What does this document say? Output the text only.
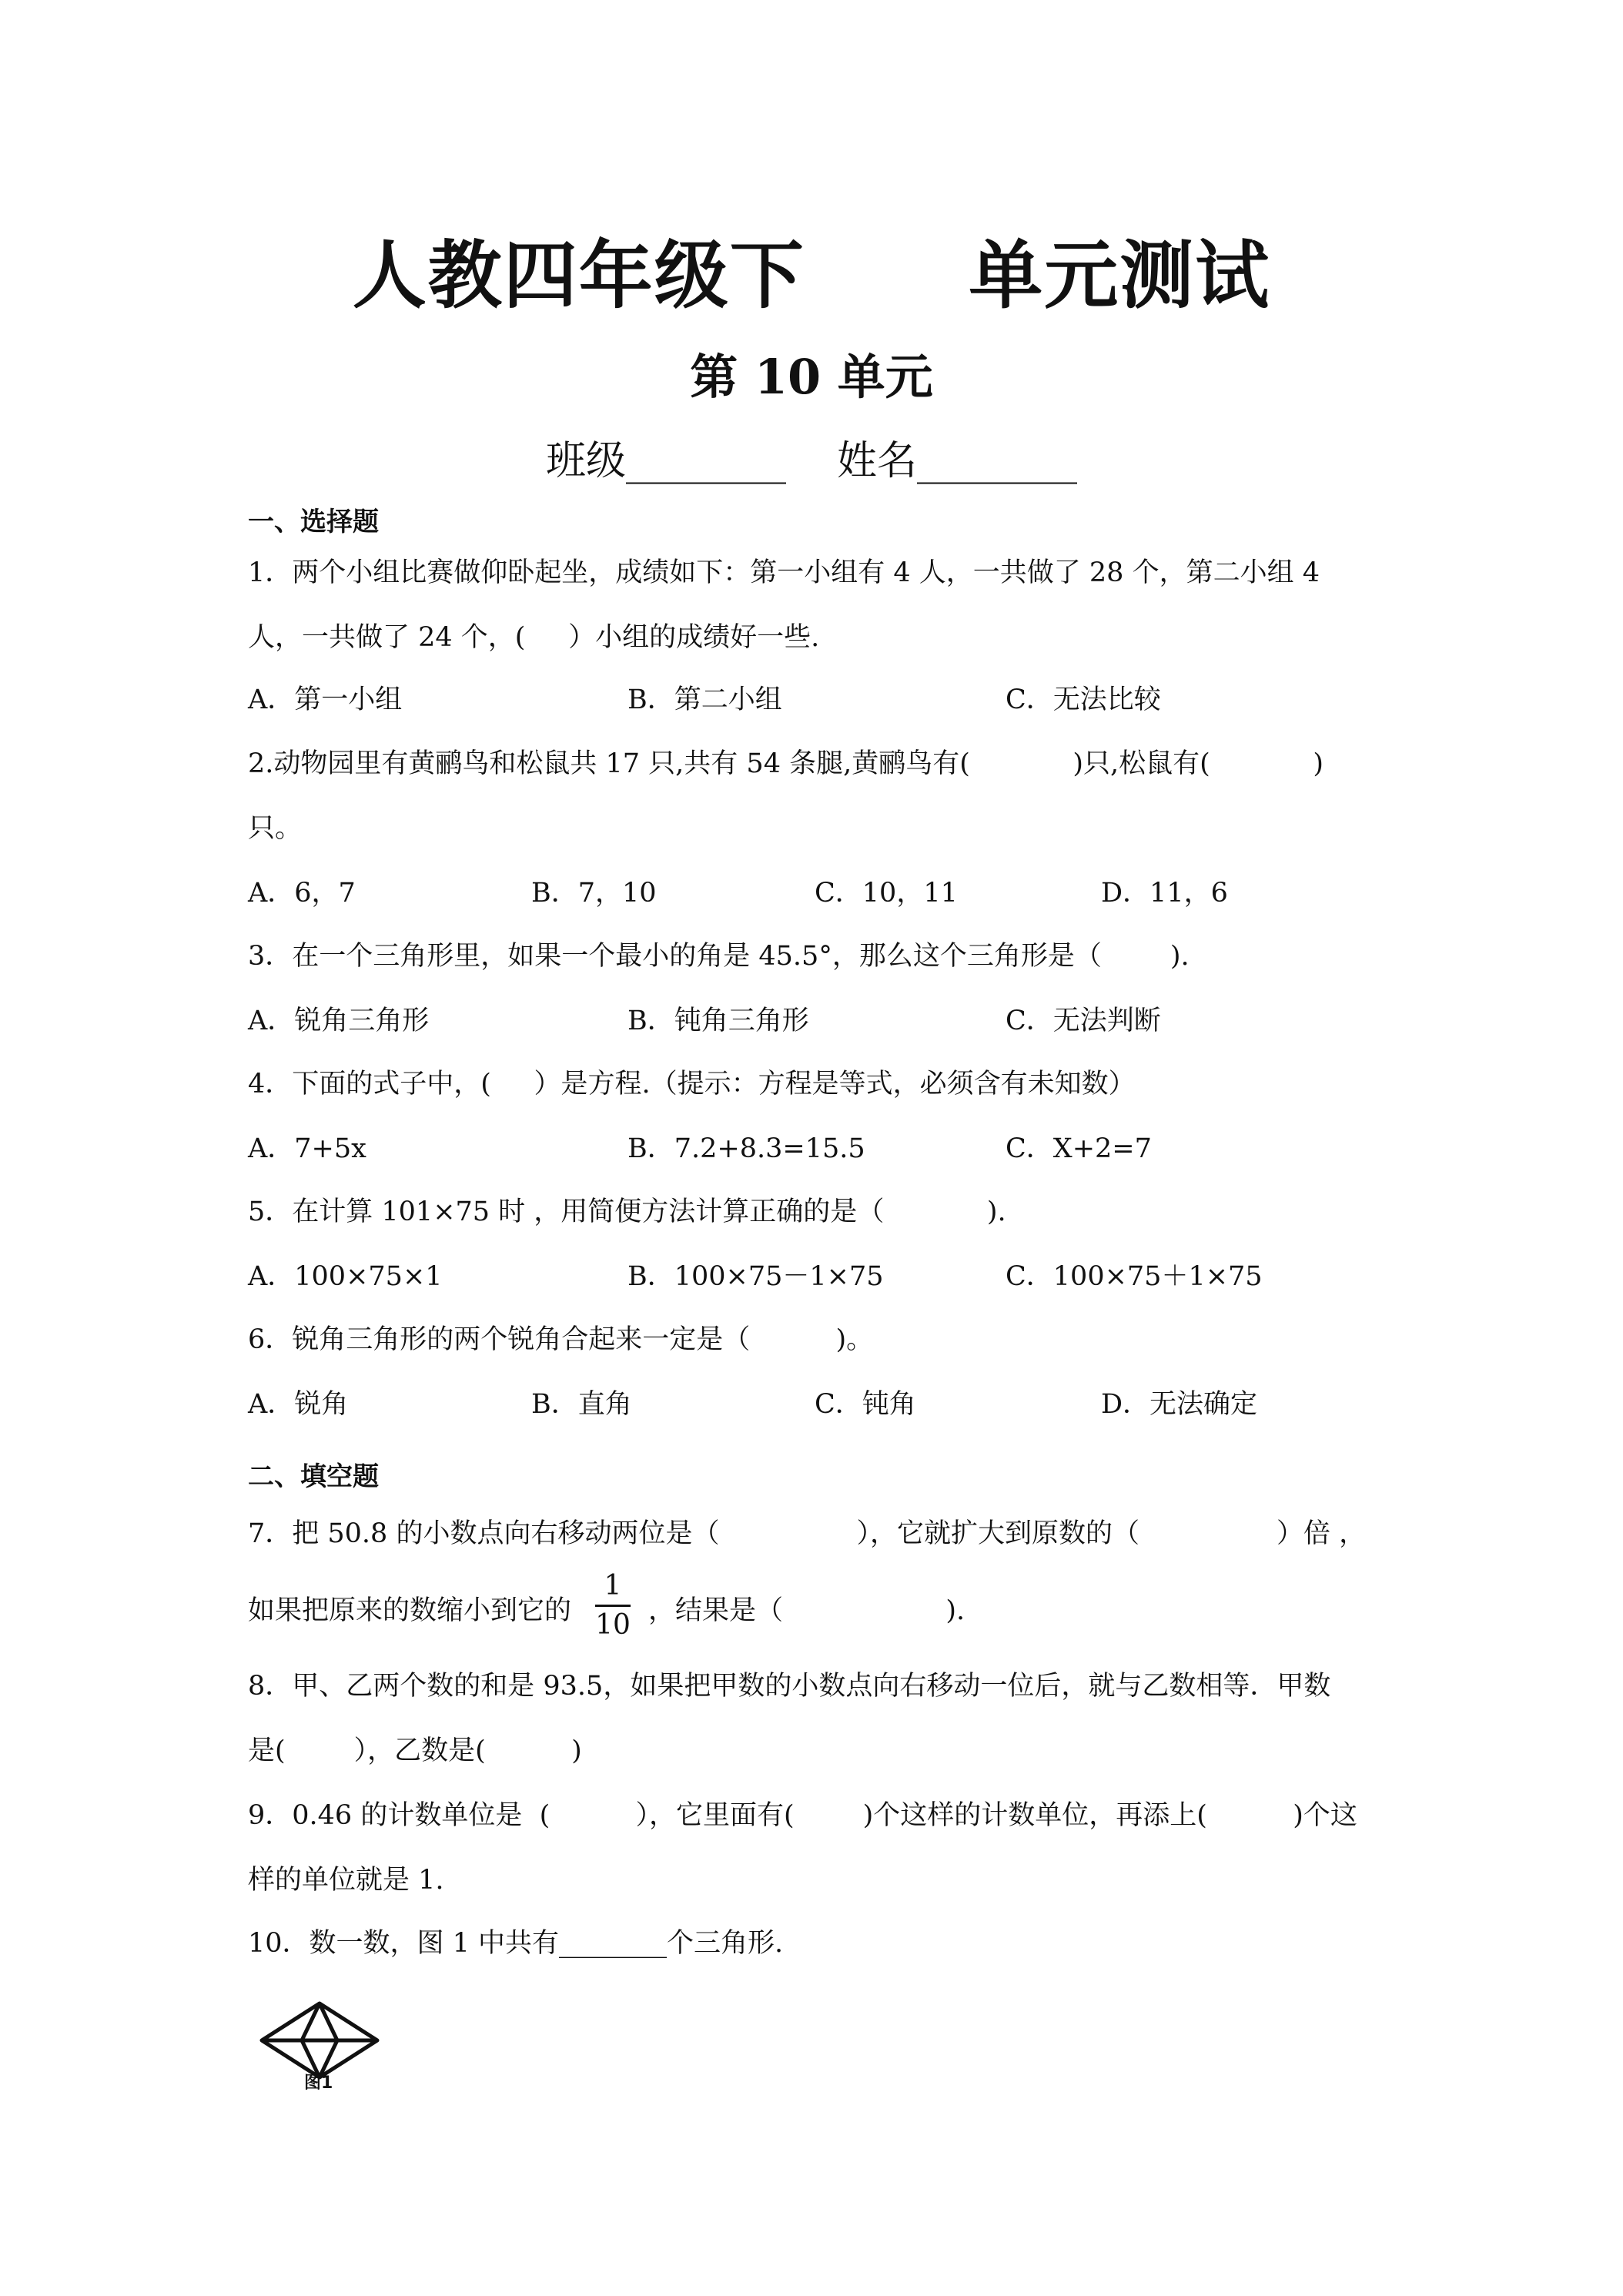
人教四年级下      单元测试
第 10 单元
班级________    姓名________
一、选择题
1．两个小组比赛做仰卧起坐，成绩如下：第一小组有 4 人，一共做了 28 个，第二小组 4
人，一共做了 24 个，(     ）小组的成绩好一些.
A．第一小组	B．第二小组	C．无法比较
2.动物园里有黄鹂鸟和松鼠共 17 只,共有 54 条腿,黄鹂鸟有(            )只,松鼠有(            )
只。
A．6，7	B．7，10	C．10，11	D．11，6
3．在一个三角形里，如果一个最小的角是 45.5°，那么这个三角形是（        ).
A．锐角三角形	B．钝角三角形	C．无法判断
4．下面的式子中，(     ）是方程.（提示：方程是等式，必须含有未知数）
A．7+5x	B．7.2+8.3=15.5	C．X+2=7
5．在计算 101×75 时 ，用简便方法计算正确的是（            ).
A．100×75×1	B．100×75－1×75	C．100×75＋1×75
6．锐角三角形的两个锐角合起来一定是（          )。
A．锐角	B．直角	C．钝角	D．无法确定
二、填空题
7．把 50.8 的小数点向右移动两位是（                ），它就扩大到原数的（                ）倍 ，
如果把原来的数缩小到它的
1
10 ，结果是（                   ).
8．甲、乙两个数的和是 93.5，如果把甲数的小数点向右移动一位后，就与乙数相等．甲数
是(        ），乙数是(          )
9．0.46 的计数单位是  (          ），它里面有(        )个这样的计数单位，再添上(          )个这
样的单位就是 1.
10．数一数，图 1 中共有________个三角形.
图1
